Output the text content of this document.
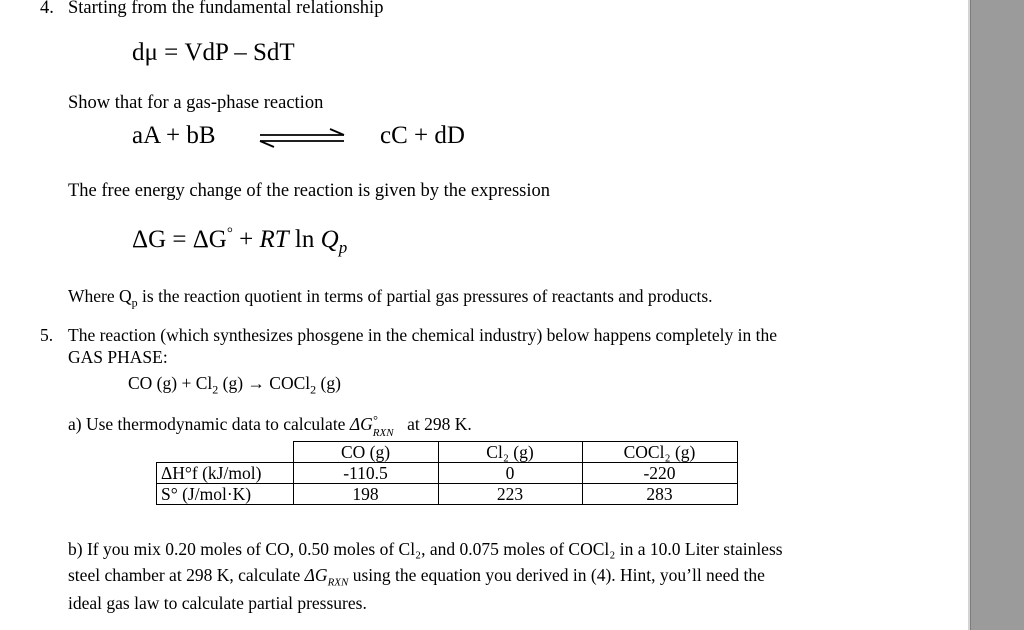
4. Starting from the fundamental relationship
dμ = VdP – SdT
Show that for a gas-phase reaction
aA + bB	cC + dD
The free energy change of the reaction is given by the expression
ΔG = ΔG° + RT $\ln Q_p$
Where $Q_p$ is the reaction quotient in terms of partial gas pressures of reactants and products.
5. The reaction (which synthesizes phosgene in the chemical industry) below happens completely in the
GAS PHASE:
CO $(g) + Cl_2$ (g) → COCl$_2$ (g)
a) Use thermodynamic data to calculate ΔG °
RXN at 298 K.
	CO (g)	Cl₂ (g)	COCl₂ (g)
ΔH°f (kJ/mol)	-110.5	0	-220
S° (J/mol·K)	198	223	283
b) If you mix 0.20 moles of CO, 0.50 moles of Cl₂, and 0.075 moles of COCl₂ in a 10.0 Liter stainless
steel chamber at 298 K, calculate $\Delta G_{RXN}$ using the equation you derived in (4). Hint, you’ll need the
ideal gas law to calculate partial pressures.
